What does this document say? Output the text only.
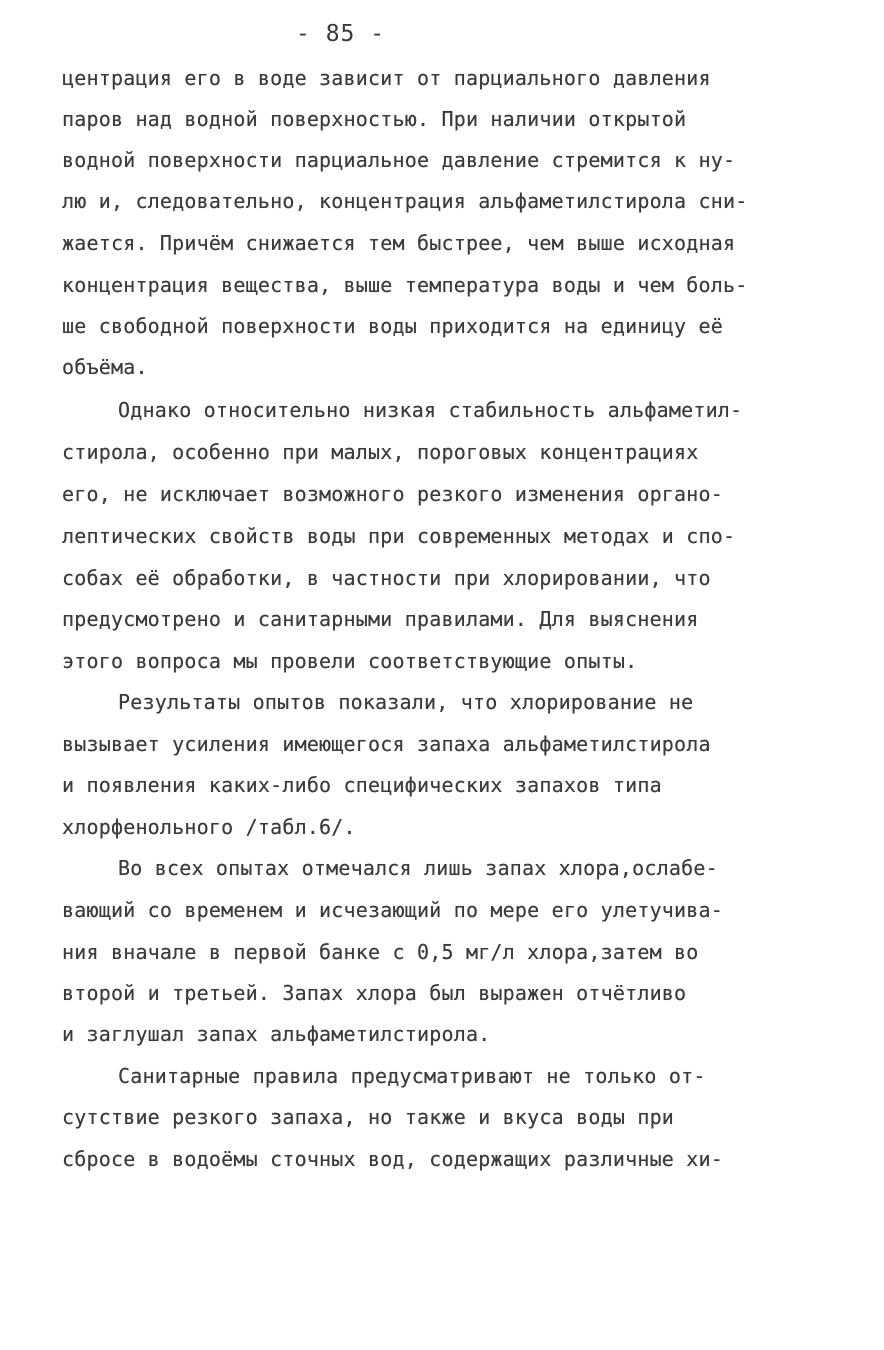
- 85 -
центрация его в воде зависит от парциального давления
паров над водной поверхностью. При наличии открытой
водной поверхности парциальное давление стремится к ну-
лю и, следовательно, концентрация альфаметилстирола сни-
жается. Причём снижается тем быстрее, чем выше исходная
концентрация вещества, выше температура воды и чем боль-
ше свободной поверхности воды приходится на единицу её
объёма.
Однако относительно низкая стабильность альфаметил-
стирола, особенно при малых, пороговых концентрациях
его, не исключает возможного резкого изменения органо-
лептических свойств воды при современных методах и спо-
собах её обработки, в частности при хлорировании, что
предусмотрено и санитарными правилами. Для выяснения
этого вопроса мы провели соответствующие опыты.
Результаты опытов показали, что хлорирование не
вызывает усиления имеющегося запаха альфаметилстирола
и появления каких-либо специфических запахов типа
хлорфенольного /табл.6/.
Во всех опытах отмечался лишь запах хлора,ослабе-
вающий со временем и исчезающий по мере его улетучива-
ния вначале в первой банке с 0,5 мг/л хлора,затем во
второй и третьей. Запах хлора был выражен отчётливо
и заглушал запах альфаметилстирола.
Санитарные правила предусматривают не только от-
сутствие резкого запаха, но также и вкуса воды при
сбросе в водоёмы сточных вод, содержащих различные хи-
